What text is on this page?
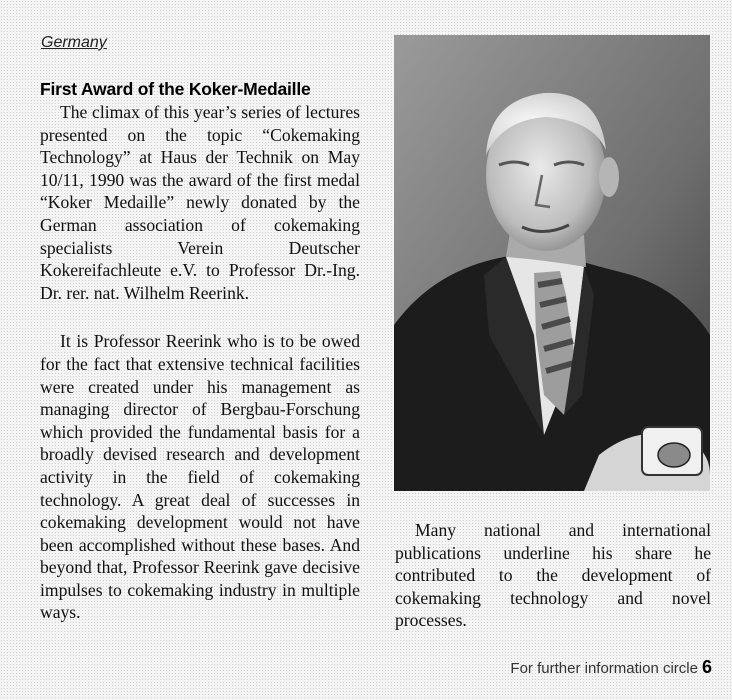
Germany
First Award of the Koker-Medaille

The climax of this year’s series of lectures presented on the topic “Cokemaking Technology” at Haus der Technik on May 10/11, 1990 was the award of the first medal “Koker Medaille” newly donated by the German association of cokemaking specialists Verein Deutscher Kokereifachleute e.V. to Professor Dr.-Ing. Dr. rer. nat. Wilhelm Reerink.

It is Professor Reerink who is to be owed for the fact that extensive technical facilities were created under his management as managing director of Bergbau-Forschung which provided the fundamental basis for a broadly devised research and development activity in the field of cokemaking technology. A great deal of successes in cokemaking development would not have been accomplished without these bases. And beyond that, Professor Reerink gave decisive impulses to cokemaking industry in multiple ways.

Many national and international publications underline his share he contributed to the development of cokemaking technology and novel processes.

For further information circle 6
